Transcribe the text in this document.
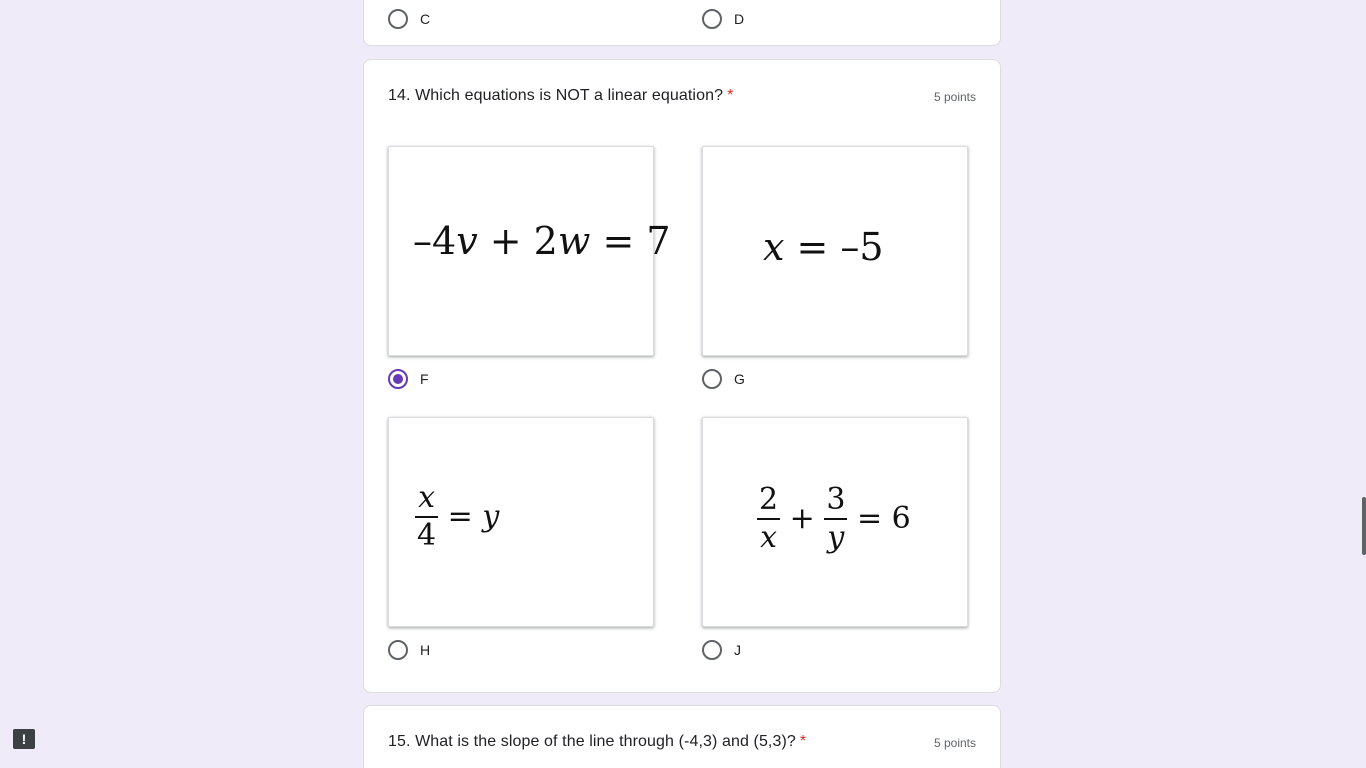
C	D
14. Which equations is NOT a linear equation? *	5 points
–4v + 2w = 7
F
x = –5
G
$\frac{x}{4} = y$
H
$\frac{2}{x} + \frac{3}{y} = 6$
J
15. What is the slope of the line through (-4,3) and (5,3)? *	5 points
!
